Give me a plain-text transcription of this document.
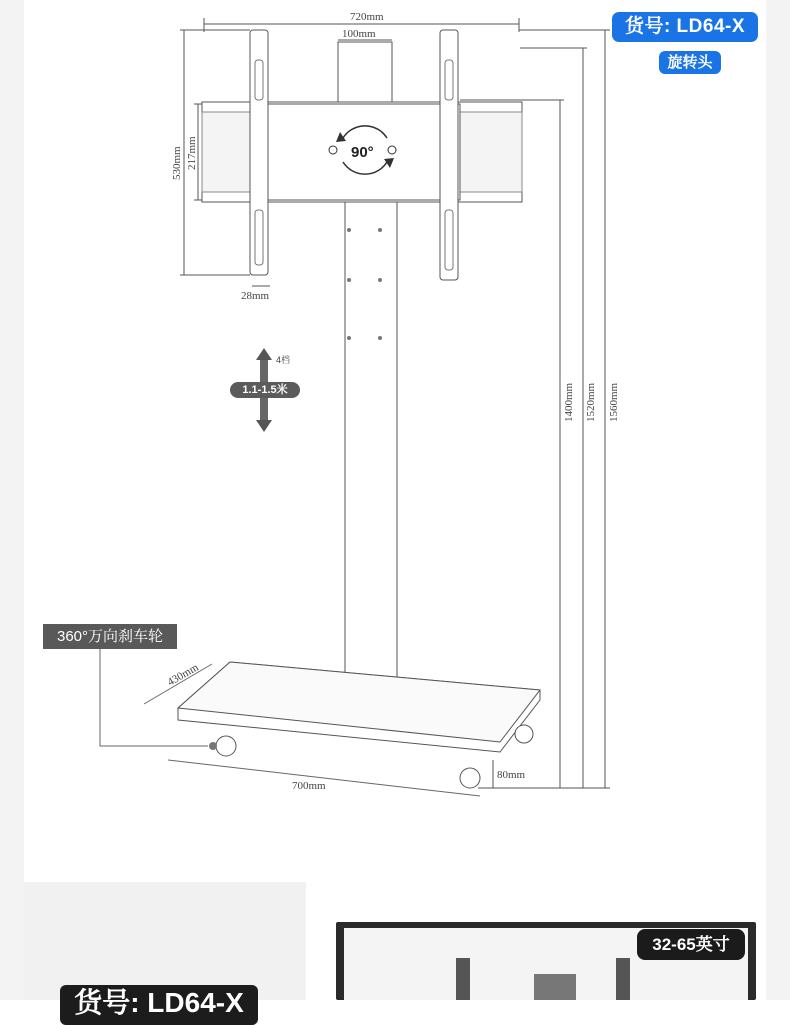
720mm
100mm
530mm 217mm
28mm
1400mm 1520mm 1560mm
430mm
700mm
80mm
90°
4档
货号: LD64-X
旋转头
1.1-1.5米
360°万向刹车轮
货号: LD64-X
32-65英寸
